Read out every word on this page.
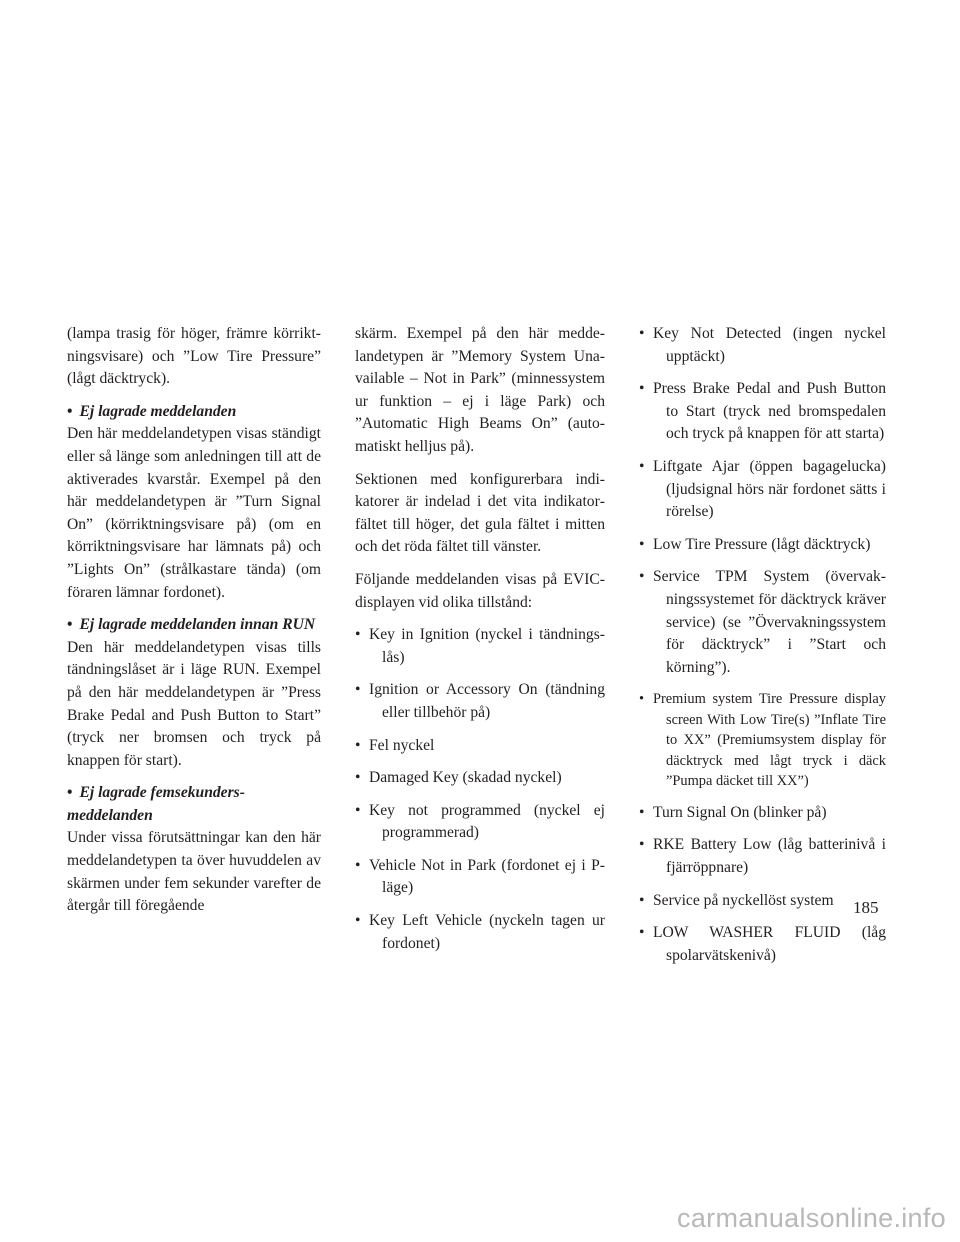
(lampa trasig för höger, främre körriktningsvisare) och ”Low Tire Pressure” (lågt däcktryck).

• Ej lagrade meddelanden

Den här meddelandetypen visas ständigt eller så länge som anledningen till att de aktiverades kvarstår. Exempel på den här meddelandetypen är ”Turn Signal On” (körriktningsvisare på) (om en körriktningsvisare har lämnats på) och ”Lights On” (strålkastare tända) (om föraren lämnar fordonet).

• Ej lagrade meddelanden innan RUN

Den här meddelandetypen visas tills tändningslåset är i läge RUN. Exempel på den här meddelandetypen är ”Press Brake Pedal and Push Button to Start” (tryck ner bromsen och tryck på knappen för start).

• Ej lagrade femsekundersmeddelanden

Under vissa förutsättningar kan den här meddelandetypen ta över huvuddelen av skärmen under fem sekunder varefter de återgår till föregående

skärm. Exempel på den här meddelandetypen är ”Memory System Unavailable – Not in Park” (minnessystem ur funktion – ej i läge Park) och ”Automatic High Beams On” (automatiskt helljus på).

Sektionen med konfigurerbara indikatorer är indelad i det vita indikatorfältet till höger, det gula fältet i mitten och det röda fältet till vänster.

Följande meddelanden visas på EVIC-displayen vid olika tillstånd:

• Key in Ignition (nyckel i tändningslås)
• Ignition or Accessory On (tändning eller tillbehör på)
• Fel nyckel
• Damaged Key (skadad nyckel)
• Key not programmed (nyckel ej programmerad)
• Vehicle Not in Park (fordonet ej i P-läge)
• Key Left Vehicle (nyckeln tagen ur fordonet)
• Key Not Detected (ingen nyckel upptäckt)
• Press Brake Pedal and Push Button to Start (tryck ned bromspedalen och tryck på knappen för att starta)
• Liftgate Ajar (öppen bagagelucka) (ljudsignal hörs när fordonet sätts i rörelse)
• Low Tire Pressure (lågt däcktryck)
• Service TPM System (övervakningssystemet för däcktryck kräver service) (se ”Övervakningssystem för däcktryck” i ”Start och körning”).
• Premium system Tire Pressure display screen With Low Tire(s) ”Inflate Tire to XX” (Premiumsystem display för däcktryck med lågt tryck i däck ”Pumpa däcket till XX”)
• Turn Signal On (blinker på)
• RKE Battery Low (låg batterinivå i fjärröppnare)
• Service på nyckellöst system
• LOW WASHER FLUID (låg spolarvätskenivå)
185
carmanualsonline.info
